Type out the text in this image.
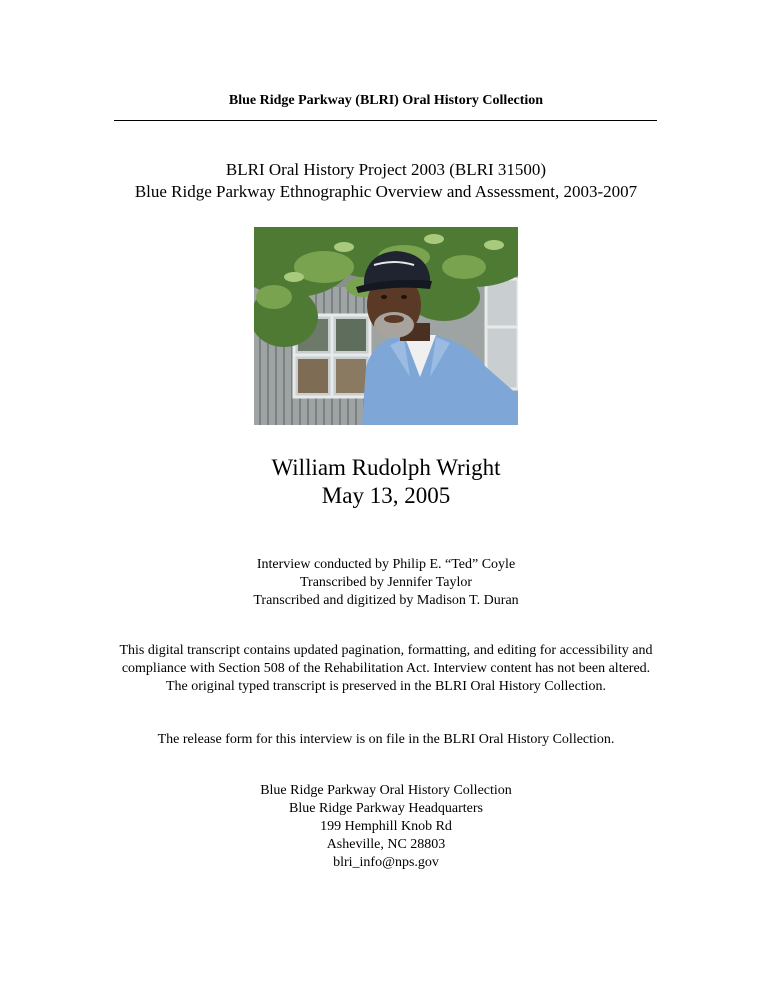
Blue Ridge Parkway (BLRI) Oral History Collection
BLRI Oral History Project 2003 (BLRI 31500)
Blue Ridge Parkway Ethnographic Overview and Assessment, 2003-2007
William Rudolph Wright
May 13, 2005
Interview conducted by Philip E. “Ted” Coyle
Transcribed by Jennifer Taylor
Transcribed and digitized by Madison T. Duran
This digital transcript contains updated pagination, formatting, and editing for accessibility and compliance with Section 508 of the Rehabilitation Act. Interview content has not been altered. The original typed transcript is preserved in the BLRI Oral History Collection.
The release form for this interview is on file in the BLRI Oral History Collection.
Blue Ridge Parkway Oral History Collection
Blue Ridge Parkway Headquarters
199 Hemphill Knob Rd
Asheville, NC 28803
blri_info@nps.gov
